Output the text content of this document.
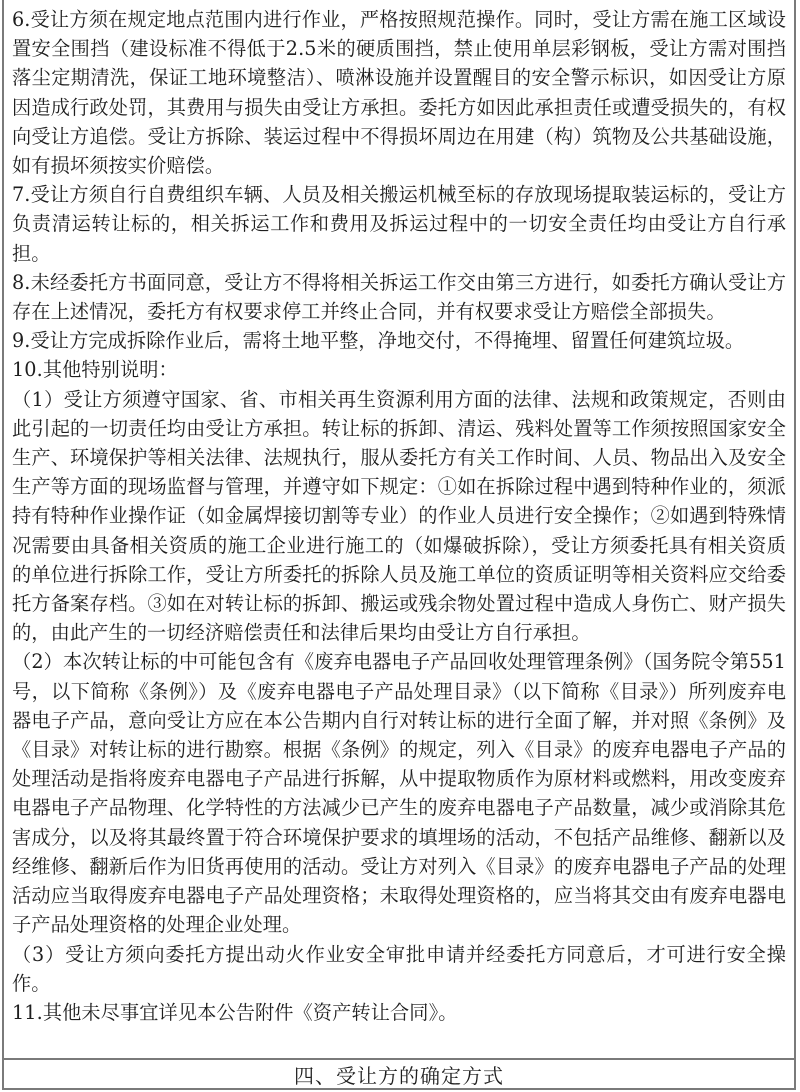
6.受让方须在规定地点范围内进行作业，严格按照规范操作。同时，受让方需在施工区域设置安全围挡（建设标准不得低于2.5米的硬质围挡，禁止使用单层彩钢板，受让方需对围挡落尘定期清洗，保证工地环境整洁）、喷淋设施并设置醒目的安全警示标识，如因受让方原因造成行政处罚，其费用与损失由受让方承担。委托方如因此承担责任或遭受损失的，有权向受让方追偿。受让方拆除、装运过程中不得损坏周边在用建（构）筑物及公共基础设施，如有损坏须按实价赔偿。

7.受让方须自行自费组织车辆、人员及相关搬运机械至标的存放现场提取装运标的，受让方负责清运转让标的，相关拆运工作和费用及拆运过程中的一切安全责任均由受让方自行承担。

8.未经委托方书面同意，受让方不得将相关拆运工作交由第三方进行，如委托方确认受让方存在上述情况，委托方有权要求停工并终止合同，并有权要求受让方赔偿全部损失。

9.受让方完成拆除作业后，需将土地平整，净地交付，不得掩埋、留置任何建筑垃圾。

10.其他特别说明：

（1）受让方须遵守国家、省、市相关再生资源利用方面的法律、法规和政策规定，否则由此引起的一切责任均由受让方承担。转让标的拆卸、清运、残料处置等工作须按照国家安全生产、环境保护等相关法律、法规执行，服从委托方有关工作时间、人员、物品出入及安全生产等方面的现场监督与管理，并遵守如下规定：①如在拆除过程中遇到特种作业的，须派持有特种作业操作证（如金属焊接切割等专业）的作业人员进行安全操作；②如遇到特殊情况需要由具备相关资质的施工企业进行施工的（如爆破拆除），受让方须委托具有相关资质的单位进行拆除工作，受让方所委托的拆除人员及施工单位的资质证明等相关资料应交给委托方备案存档。③如在对转让标的拆卸、搬运或残余物处置过程中造成人身伤亡、财产损失的，由此产生的一切经济赔偿责任和法律后果均由受让方自行承担。

（2）本次转让标的中可能包含有《废弃电器电子产品回收处理管理条例》（国务院令第551号，以下简称《条例》）及《废弃电器电子产品处理目录》（以下简称《目录》）所列废弃电器电子产品，意向受让方应在本公告期内自行对转让标的进行全面了解，并对照《条例》及《目录》对转让标的进行勘察。根据《条例》的规定，列入《目录》的废弃电器电子产品的处理活动是指将废弃电器电子产品进行拆解，从中提取物质作为原材料或燃料，用改变废弃电器电子产品物理、化学特性的方法减少已产生的废弃电器电子产品数量，减少或消除其危害成分，以及将其最终置于符合环境保护要求的填埋场的活动，不包括产品维修、翻新以及经维修、翻新后作为旧货再使用的活动。受让方对列入《目录》的废弃电器电子产品的处理活动应当取得废弃电器电子产品处理资格；未取得处理资格的，应当将其交由有废弃电器电子产品处理资格的处理企业处理。

（3）受让方须向委托方提出动火作业安全审批申请并经委托方同意后，才可进行安全操作。

11.其他未尽事宜详见本公告附件《资产转让合同》。

四、受让方的确定方式
